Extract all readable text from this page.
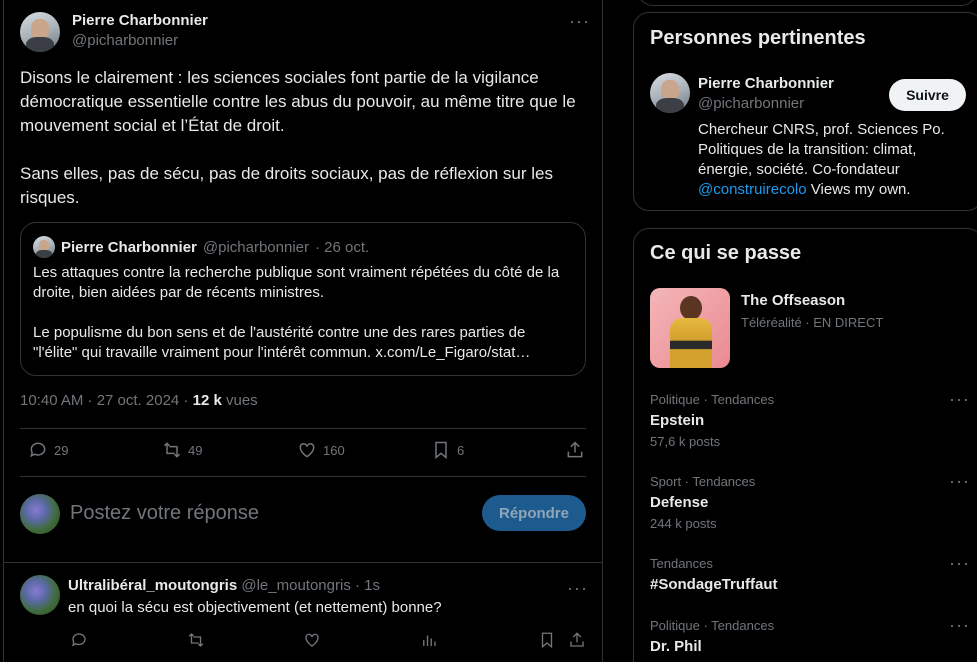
Pierre Charbonnier
@picharbonnier
···

Disons le clairement : les sciences sociales font partie de la vigilance démocratique essentielle contre les abus du pouvoir, au même titre que le mouvement social et l’État de droit.

Sans elles, pas de sécu, pas de droits sociaux, pas de réflexion sur les risques.

Pierre Charbonnier @picharbonnier · 26 oct.

Les attaques contre la recherche publique sont vraiment répétées du côté de la droite, bien aidées par de récents ministres.

Le populisme du bon sens et de l'austérité contre une des rares parties de "l'élite" qui travaille vraiment pour l'intérêt commun. x.com/Le_Figaro/stat…

10:40 AM · 27 oct. 2024 · 12 k vues
29	49	160	6
Postez votre réponse	Répondre
Ultralibéral_moutongris @le_moutongris · 1s	···
en quoi la sécu est objectivement (et nettement) bonne?
Personnes pertinentes
Pierre Charbonnier
@picharbonnier	Suivre
Chercheur CNRS, prof. Sciences Po. Politiques de la transition: climat, énergie, société. Co-fondateur @construirecolo Views my own.
Ce qui se passe
The Offseason
Téléréalité · EN DIRECT
Politique · Tendances
Epstein
57,6 k posts
···
Sport · Tendances
Defense
244 k posts
···
Tendances
#SondageTruffaut
···
Politique · Tendances
Dr. Phil
···
